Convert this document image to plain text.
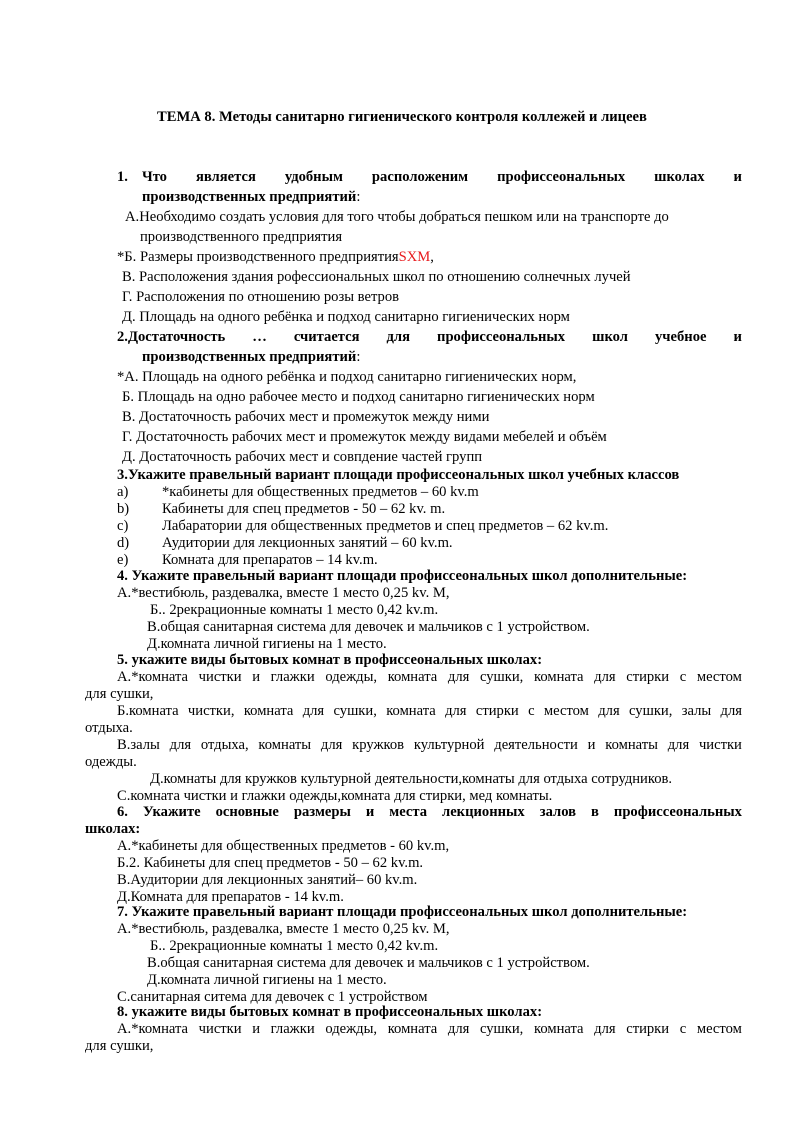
ТЕМА 8. Методы санитарно гигиенического контроля коллежей и лицеев
1. Что является удобным расположеним профиссеональных школах и
производственных предприятий:
А.Необходимо создать условия для того чтобы добраться пешком или на транспорте до
производственного предприятия
*Б. Размеры производственного предприятияSXM,
В. Расположения здания рофессиональных школ по отношению солнечных лучей
Г. Расположения по отношению розы ветров
Д. Площадь на одного ребёнка и подход санитарно гигиенических норм
2.Достаточность … считается для профиссеональных школ учебное и
производственных предприятий:
*А. Площадь на одного ребёнка и подход санитарно гигиенических норм,
Б. Площадь на одно рабочее место и подход санитарно гигиенических норм
В. Достаточность рабочих мест и промежуток между ними
Г. Достаточность рабочих мест и промежуток между видами мебелей и объём
Д. Достаточность рабочих мест и совпдение частей групп
3.Укажите правельный вариант площади профиссеональных школ учебных классов
a) *кабинеты для общественных предметов – 60 kv.m
b) Кабинеты для спец предметов - 50 – 62 kv. m.
c) Лабаратории для общественных предметов и спец предметов – 62 kv.m.
d) Аудитории для лекционных занятий – 60 kv.m.
e) Комната для препаратов – 14 kv.m.
4. Укажите правельный вариант площади профиссеональных школ дополнительные:
А.*вестибюль, раздевалка, вместе 1 место 0,25 kv. M,
Б.. 2рекрационные комнаты 1 место 0,42 kv.m.
В.общая санитарная система для девочек и мальчиков с 1 устройством.
Д.комната личной гигиены на 1 место.
5. укажите виды бытовых комнат в профиссеональных школах:
А.*комната чистки и глажки одежды, комната для сушки, комната для стирки с местом
для сушки,
Б.комната чистки, комната для сушки, комната для стирки с местом для сушки, залы для
отдыха.
В.залы для отдыха, комнаты для кружков культурной деятельности и комнаты для чистки
одежды.
Д.комнаты для кружков культурной деятельности,комнаты для отдыха сотрудников.
С.комната чистки и глажки одежды,комната для стирки, мед комнаты.
6. Укажите основные размеры и места лекционных залов в профиссеональных
школах:
А.*кабинеты для общественных предметов - 60 kv.m,
Б.2. Кабинеты для спец предметов - 50 – 62 kv.m.
В.Аудитории для лекционных занятий– 60 kv.m.
Д.Комната для препаратов - 14 kv.m.
7. Укажите правельный вариант площади профиссеональных школ дополнительные:
А.*вестибюль, раздевалка, вместе 1 место 0,25 kv. M,
Б.. 2рекрационные комнаты 1 место 0,42 kv.m.
В.общая санитарная система для девочек и мальчиков с 1 устройством.
Д.комната личной гигиены на 1 место.
С.санитарная ситема для девочек с 1 устройством
8. укажите виды бытовых комнат в профиссеональных школах:
А.*комната чистки и глажки одежды, комната для сушки, комната для стирки с местом
для сушки,
